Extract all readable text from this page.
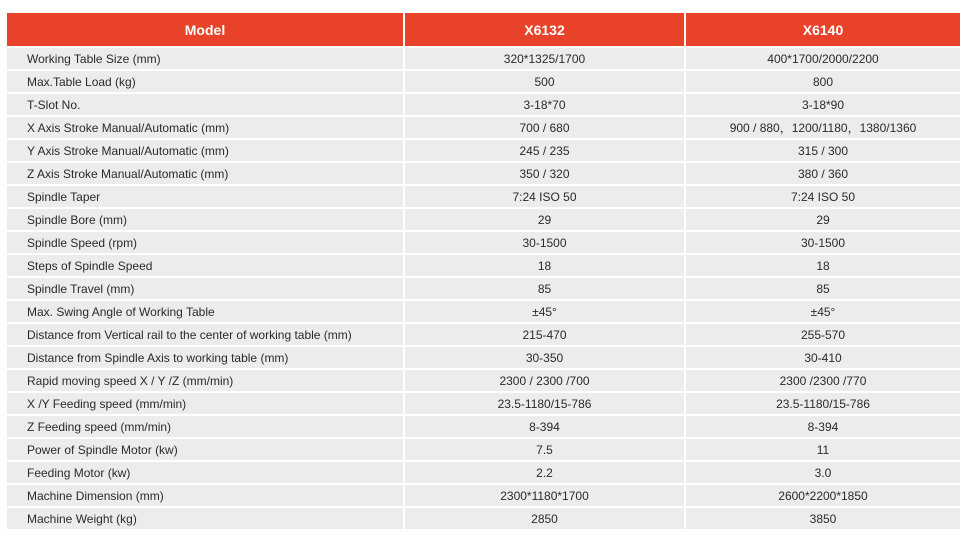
Model	X6132	X6140
Working Table Size (mm)	320*1325/1700	400*1700/2000/2200
Max.Table Load (kg)	500	800
T-Slot No.	3-18*70	3-18*90
X Axis Stroke Manual/Automatic (mm)	700 / 680	900 / 880，1200/1180，1380/1360
Y Axis Stroke Manual/Automatic (mm)	245 / 235	315 / 300
Z Axis Stroke Manual/Automatic (mm)	350 / 320	380 / 360
Spindle Taper	7:24 ISO 50	7:24 ISO 50
Spindle Bore (mm)	29	29
Spindle Speed (rpm)	30-1500	30-1500
Steps of Spindle Speed	18	18
Spindle Travel (mm)	85	85
Max. Swing Angle of Working Table	±45°	±45°
Distance from Vertical rail to the center of working table (mm)	215-470	255-570
Distance from Spindle Axis to working table (mm)	30-350	30-410
Rapid moving speed X / Y /Z (mm/min)	2300 / 2300 /700	2300 /2300 /770
X /Y Feeding speed (mm/min)	23.5-1180/15-786	23.5-1180/15-786
Z Feeding speed (mm/min)	8-394	8-394
Power of Spindle Motor (kw)	7.5	11
Feeding Motor (kw)	2.2	3.0
Machine Dimension (mm)	2300*1180*1700	2600*2200*1850
Machine Weight (kg)	2850	3850
